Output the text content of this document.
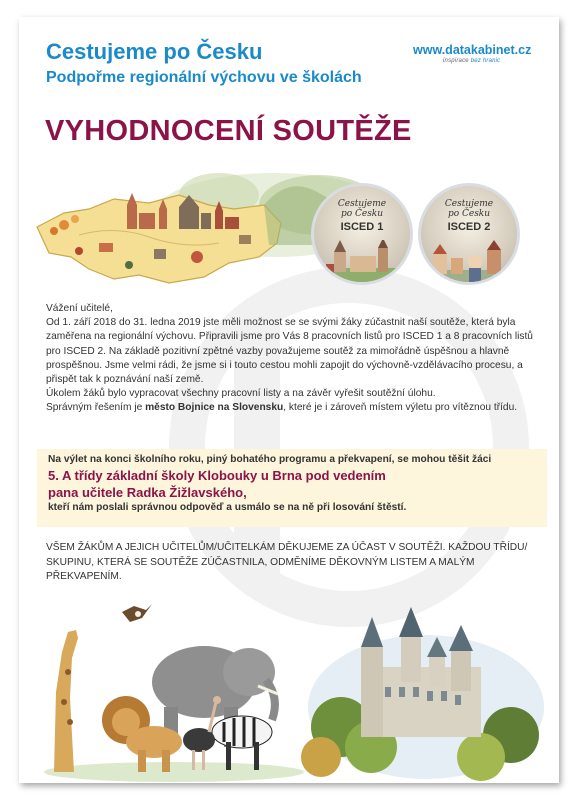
Cestujeme po Česku
Podpořme regionální výchovu ve školách
www.datakabinet.cz
inspirace bez hranic
VYHODNOCENÍ SOUTĚŽE
Cestujeme
po Česku
ISCED 1
Cestujeme
po Česku
ISCED 2

Vážení učitelé,

Od 1. září 2018 do 31. ledna 2019 jste měli možnost se se svými žáky zúčastnit naší soutěže, která byla zaměřena na regionální výchovu. Připravili jsme pro Vás 8 pracovních listů pro ISCED 1 a 8 pracovních listů pro ISCED 2. Na základě pozitivní zpětné vazby považujeme soutěž za mimořádně úspěšnou a hlavně prospěšnou. Jsme velmi rádi, že jsme si i touto cestou mohli zapojit do výchovně-vzdělávacího procesu, a přispět tak k poznávání naší země.

Úkolem žáků bylo vypracovat všechny pracovní listy a na závěr vyřešit soutěžní úlohu.

Správným řešením je město Bojnice na Slovensku, které je i zároveň místem výletu pro vítěznou třídu.

Na výlet na konci školního roku, piný bohatého programu a překvapení, se mohou těšit žáci

5. A třídy základní školy Klobouky u Brna pod vedením

pana učitele Radka Žižlavského,

kteří nám poslali správnou odpověď a usmálo se na ně při losování štěstí.

VŠEM ŽÁKŮM A JEJICH UČITELŮM/UČITELKÁM DĚKUJEME ZA ÚČAST V SOUTĚŽI. KAŽDOU TŘÍDU/ SKUPINU, KTERÁ SE SOUTĚŽE ZÚČASTNILA, ODMĚNÍME DĚKOVNÝM LISTEM A MALÝM PŘEKVAPENÍM.
